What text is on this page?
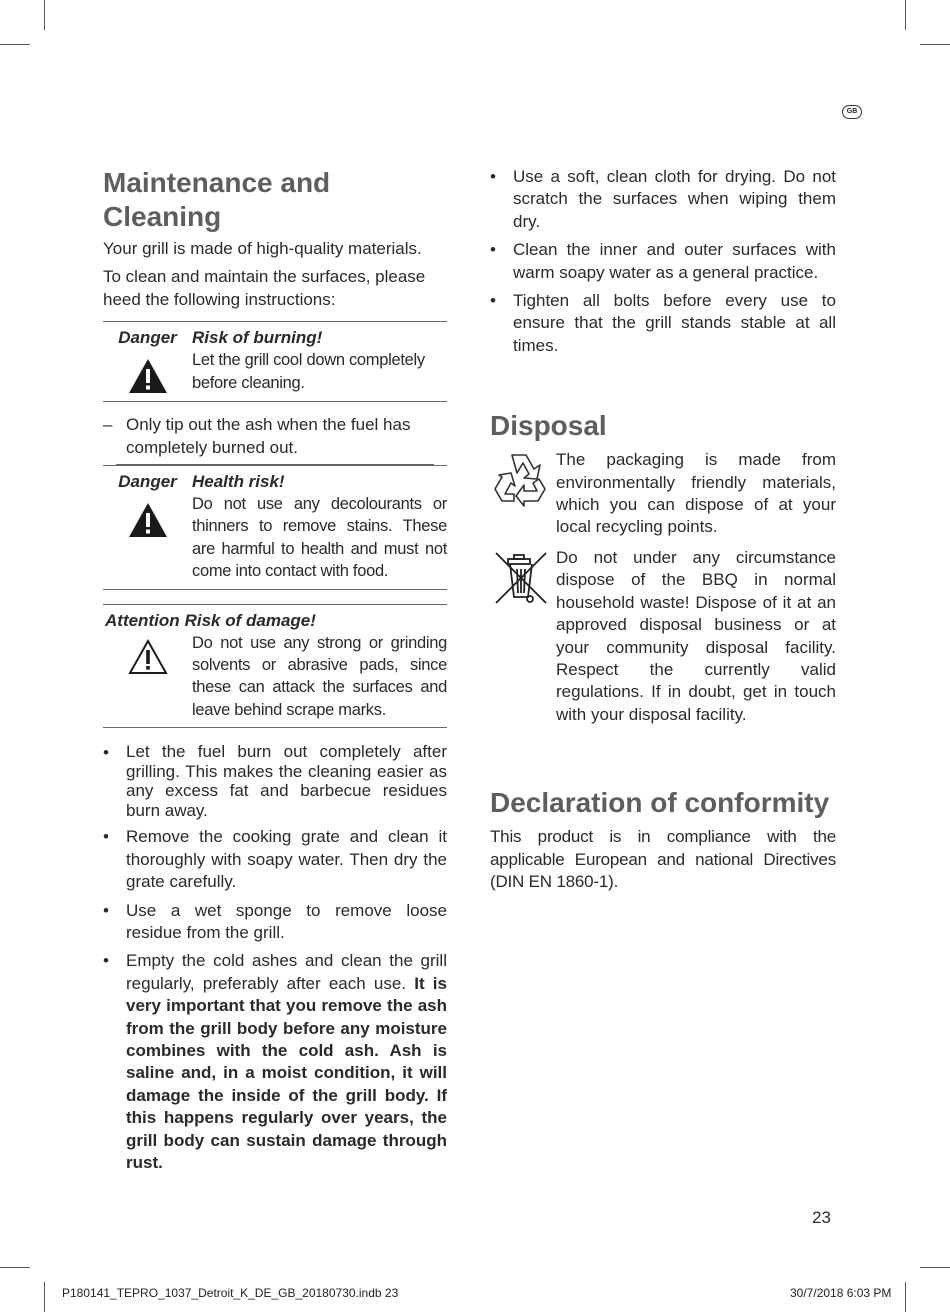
GB
Maintenance and Cleaning

Your grill is made of high-quality materials.

To clean and maintain the surfaces, please heed the following instructions:

Danger Risk of burning!
Let the grill cool down completely before cleaning.
– Only tip out the ash when the fuel has completely burned out.
Danger Health risk!
Do not use any decolourants or thinners to remove stains. These are harmful to health and must not come into contact with food.
Attention Risk of damage!
Do not use any strong or grinding solvents or abrasive pads, since these can attack the surfaces and leave behind scrape marks.
•	Let the fuel burn out completely after grilling. This makes the cleaning easier as any excess fat and barbecue residues burn away.
•	Remove the cooking grate and clean it thoroughly with soapy water. Then dry the grate carefully.
•	Use a wet sponge to remove loose residue from the grill.
•	Empty the cold ashes and clean the grill regularly, preferably after each use. It is very important that you remove the ash from the grill body before any moisture combines with the cold ash. Ash is saline and, in a moist condition, it will damage the inside of the grill body. If this happens regularly over years, the grill body can sustain damage through rust.
•	Use a soft, clean cloth for drying. Do not scratch the surfaces when wiping them dry.
•	Clean the inner and outer surfaces with warm soapy water as a general practice.
•	Tighten all bolts before every use to ensure that the grill stands stable at all times.
Disposal
The packaging is made from environmentally friendly materials, which you can dispose of at your local recycling points.
Do not under any circumstance dispose of the BBQ in normal household waste! Dispose of it at an approved disposal business or at your community disposal facility. Respect the currently valid regulations. If in doubt, get in touch with your disposal facility.
Declaration of conformity

This product is in compliance with the applicable European and national Directives (DIN EN 1860-1).

23
P180141_TEPRO_1037_Detroit_K_DE_GB_20180730.indb 23	30/7/2018 6:03 PM
